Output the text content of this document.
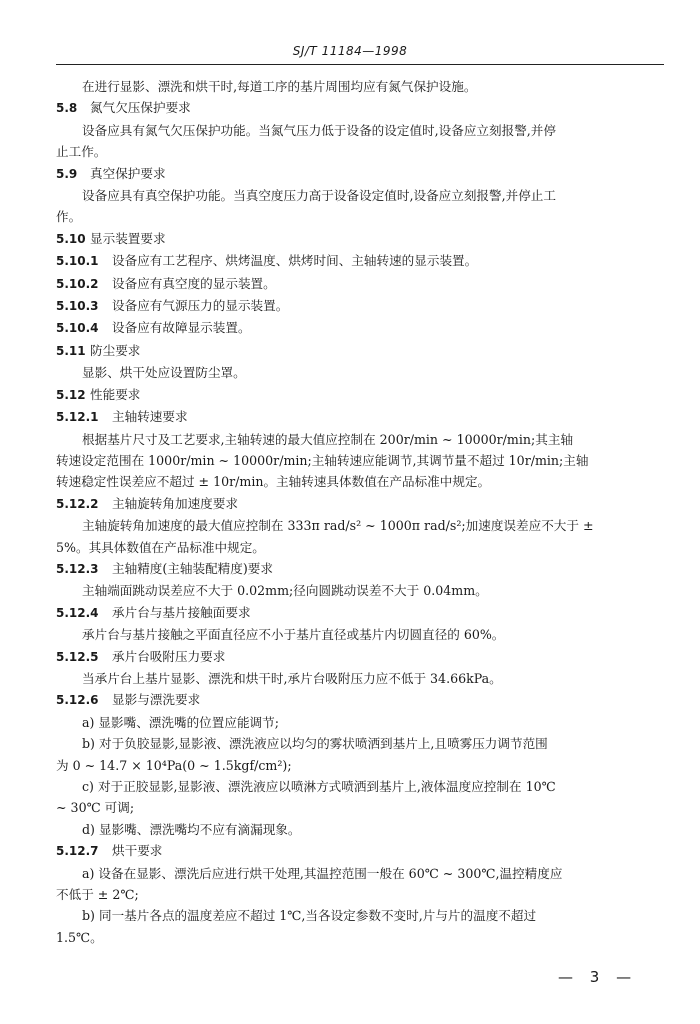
SJ/T 11184—1998
在进行显影、漂洗和烘干时,每道工序的基片周围均应有氮气保护设施。
5.8 氮气欠压保护要求
设备应具有氮气欠压保护功能。当氮气压力低于设备的设定值时,设备应立刻报警,并停
止工作。
5.9 真空保护要求
设备应具有真空保护功能。当真空度压力高于设备设定值时,设备应立刻报警,并停止工
作。
5.10 显示装置要求
5.10.1 设备应有工艺程序、烘烤温度、烘烤时间、主轴转速的显示装置。
5.10.2 设备应有真空度的显示装置。
5.10.3 设备应有气源压力的显示装置。
5.10.4 设备应有故障显示装置。
5.11 防尘要求
显影、烘干处应设置防尘罩。
5.12 性能要求
5.12.1 主轴转速要求
根据基片尺寸及工艺要求,主轴转速的最大值应控制在 200r/min ~ 10000r/min;其主轴
转速设定范围在 1000r/min ~ 10000r/min;主轴转速应能调节,其调节量不超过 10r/min;主轴
转速稳定性误差应不超过 ± 10r/min。主轴转速具体数值在产品标准中规定。
5.12.2 主轴旋转角加速度要求
主轴旋转角加速度的最大值应控制在 333π rad/s² ~ 1000π rad/s²;加速度误差应不大于 ±
5%。其具体数值在产品标准中规定。
5.12.3 主轴精度(主轴装配精度)要求
主轴端面跳动误差应不大于 0.02mm;径向圆跳动误差不大于 0.04mm。
5.12.4 承片台与基片接触面要求
承片台与基片接触之平面直径应不小于基片直径或基片内切圆直径的 60%。
5.12.5 承片台吸附压力要求
当承片台上基片显影、漂洗和烘干时,承片台吸附压力应不低于 34.66kPa。
5.12.6 显影与漂洗要求
a) 显影嘴、漂洗嘴的位置应能调节;
b) 对于负胶显影,显影液、漂洗液应以均匀的雾状喷洒到基片上,且喷雾压力调节范围
为 0 ~ 14.7 × 10⁴Pa(0 ~ 1.5kgf/cm²);
c) 对于正胶显影,显影液、漂洗液应以喷淋方式喷洒到基片上,液体温度应控制在 10℃
~ 30℃ 可调;
d) 显影嘴、漂洗嘴均不应有滴漏现象。
5.12.7 烘干要求
a) 设备在显影、漂洗后应进行烘干处理,其温控范围一般在 60℃ ~ 300℃,温控精度应
不低于 ± 2℃;
b) 同一基片各点的温度差应不超过 1℃,当各设定参数不变时,片与片的温度不超过
1.5℃。
— 3 —
